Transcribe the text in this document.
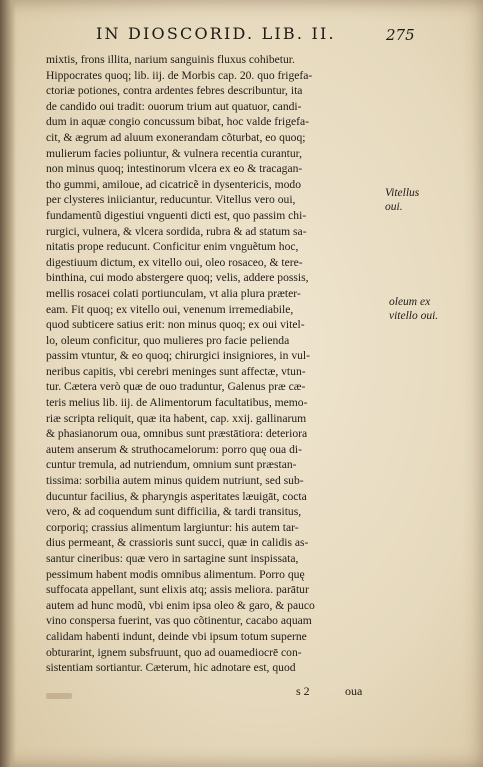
IN DIOSCORID. LIB. II.	275
mixtis, frons illita, narium sanguinis fluxus cohibetur.
Hippocrates quoq; lib. iij. de Morbis cap. 20. quo frigefa-
ctoriæ potiones, contra ardentes febres describuntur, ita
de candido oui tradit: ouorum trium aut quatuor, candi-
dum in aquæ congio concussum bibat, hoc valde frigefa-
cit, & ægrum ad aluum exonerandam cõturbat, eo quoq;
mulierum facies poliuntur, & vulnera recentia curantur,
non minus quoq; intestinorum vlcera ex eo & tracagan-
tho gummi, amiloue, ad cicatricẽ in dysentericis, modo
per clysteres iniiciantur, reducuntur. Vitellus vero oui,
fundamentũ digestiui vnguenti dicti est, quo passim chi-
rurgici, vulnera, & vlcera sordida, rubra & ad statum sa-
nitatis prope reducunt. Conficitur enim vnguẽtum hoc,
digestiuum dictum, ex vitello oui, oleo rosaceo, & tere-
binthina, cui modo abstergere quoq; velis, addere possis,
mellis rosacei colati portiunculam, vt alia plura præter-
eam. Fit quoq; ex vitello oui, venenum irremediabile,
quod subticere satius erit: non minus quoq; ex oui vitel-
lo, oleum conficitur, quo mulieres pro facie pelienda
passim vtuntur, & eo quoq; chirurgici insigniores, in vul-
neribus capitis, vbi cerebri meninges sunt affectæ, vtun-
tur. Cætera verò quæ de ouo traduntur, Galenus præ cæ-
teris melius lib. iij. de Alimentorum facultatibus, memo-
riæ scripta reliquit, quæ ita habent, cap. xxij. gallinarum
& phasianorum oua, omnibus sunt præstātiora: deteriora
autem anserum & struthocamelorum: porro quę oua di-
cuntur tremula, ad nutriendum, omnium sunt præstan-
tissima: sorbilia autem minus quidem nutriunt, sed sub-
ducuntur facilius, & pharyngis asperitates læuigāt, cocta
vero, & ad coquendum sunt difficilia, & tardi transitus,
corporiq; crassius alimentum largiuntur: his autem tar-
dius permeant, & crassioris sunt succi, quæ in calidis as-
santur cineribus: quæ vero in sartagine sunt inspissata,
pessimum habent modis omnibus alimentum. Porro quę
suffocata appellant, sunt elixis atq; assis meliora. parātur
autem ad hunc modũ, vbi enim ipsa oleo & garo, & pauco
vino conspersa fuerint, vas quo cõtinentur, cacabo aquam
calidam habenti indunt, deinde vbi ipsum totum superne
obturarint, ignem subsfruunt, quo ad ouamediocrē con-
sistentiam sortiantur. Cæterum, hic adnotare est, quod
Vitellus
oui.
oleum ex
vitello oui.
s 2	oua
